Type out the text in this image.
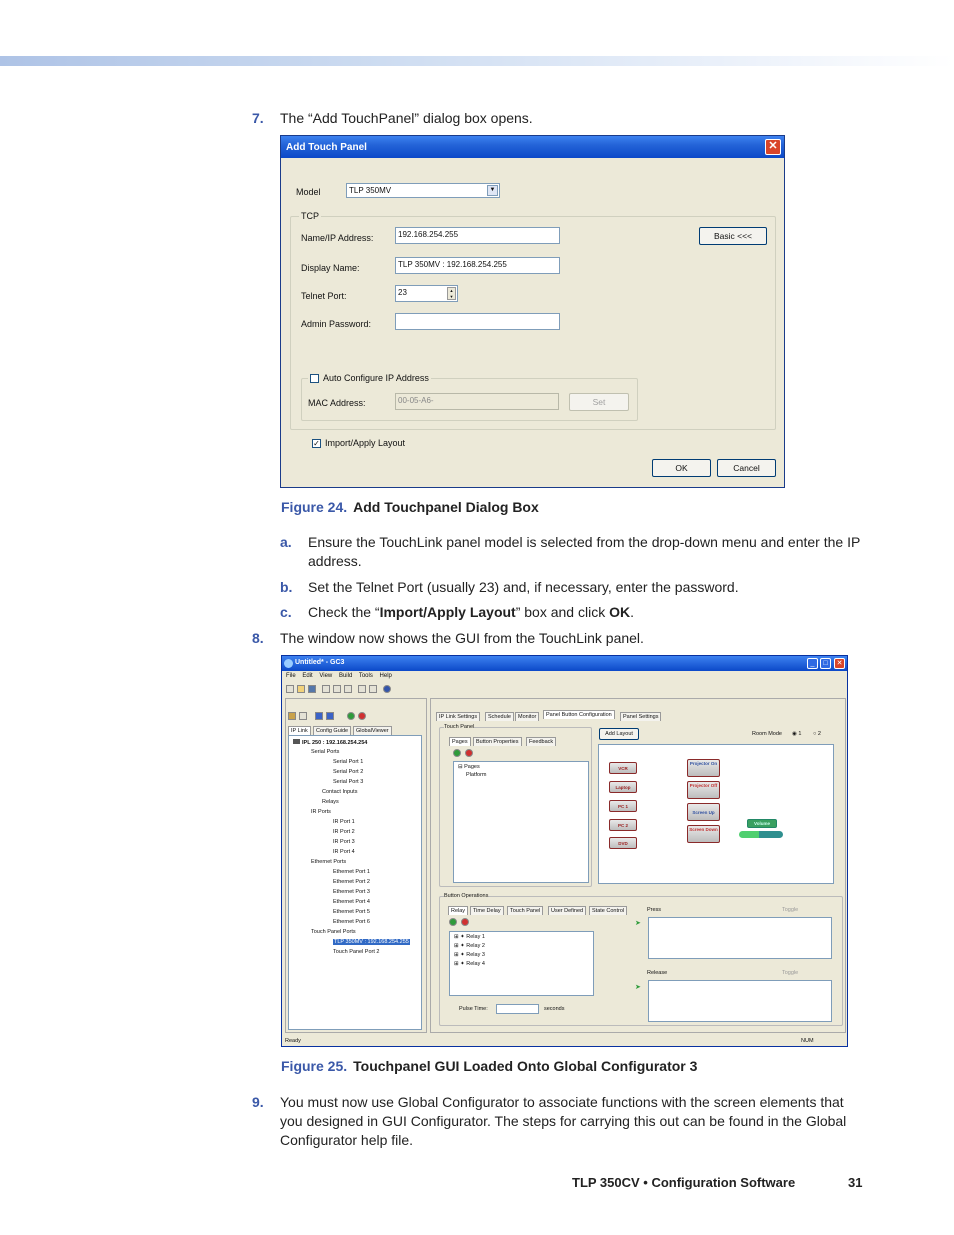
7. The “Add TouchPanel” dialog box opens.
Add Touch Panel	✕
Model	TLP 350MV	▼
TCP
Name/IP Address:	192.168.254.255	Basic <<<
Display Name:	TLP 350MV : 192.168.254.255
Telnet Port:	23	▲
▼
Admin Password:
Auto Configure IP Address
MAC Address:	00-05-A6-	Set
✓ Import/Apply Layout
OK	Cancel
Figure 24. Add Touchpanel Dialog Box
a. Ensure the TouchLink panel model is selected from the drop-down menu and enter the IP address.
b. Set the Telnet Port (usually 23) and, if necessary, enter the password.
c. Check the “Import/Apply Layout” box and click OK.
8. The window now shows the GUI from the TouchLink panel.
Untitled* - GC3	_	□	✕
File Edit View Build Tools Help
IP Link	Config Guide	GlobalViewer
IPL 250 : 192.168.254.254
Serial Ports
Serial Port 1
Serial Port 2
Serial Port 3
Contact Inputs
Relays
IR Ports
IR Port 1
IR Port 2
IR Port 3
IR Port 4
Ethernet Ports
Ethernet Port 1
Ethernet Port 2
Ethernet Port 3
Ethernet Port 4
Ethernet Port 5
Ethernet Port 6
Touch Panel Ports
TLP 350MV : 192.168.254.255
Touch Panel Port 2
IP Link Settings	Schedule	Monitor	Panel Button Configuration	Panel Settings
Touch Panel
Pages	Button Properties	Feedback
⊟ Pages
Platform
Add Layout	Room Mode ◉ 1 ○ 2
VCR
Laptop
PC 1
PC 2
DVD
Projector On
Projector Off
Screen Up
Screen Down
Volume
Button Operations
Relay	Time Delay	Touch Panel	User Defined	State Control
⊞ ✦ Relay 1
⊞ ✦ Relay 2
⊞ ✦ Relay 3
⊞ ✦ Relay 4
Pulse Time:	seconds
➤
➤
Press	Toggle
Release	Toggle
Ready	NUM
Figure 25. Touchpanel GUI Loaded Onto Global Configurator 3
9. You must now use Global Configurator to associate functions with the screen elements that you designed in GUI Configurator. The steps for carrying this out can be found in the Global Configurator help file.
TLP 350CV • Configuration Software	31
